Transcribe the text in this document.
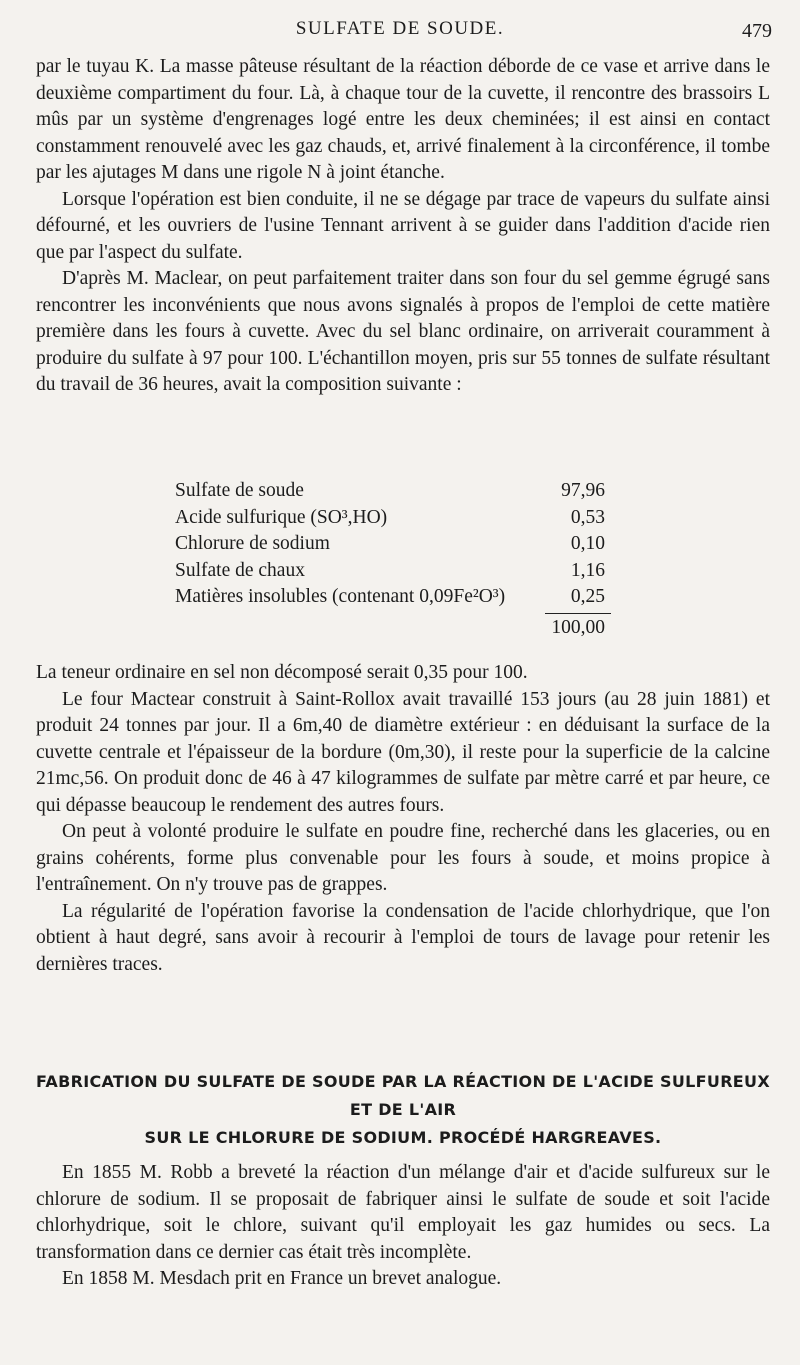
SULFATE DE SOUDE.	479

par le tuyau K. La masse pâteuse résultant de la réaction déborde de ce vase et arrive dans le deuxième compartiment du four. Là, à chaque tour de la cuvette, il rencontre des brassoirs L mûs par un système d'engrenages logé entre les deux cheminées; il est ainsi en contact constamment renouvelé avec les gaz chauds, et, arrivé finalement à la circonférence, il tombe par les ajutages M dans une rigole N à joint étanche.

Lorsque l'opération est bien conduite, il ne se dégage par trace de vapeurs du sulfate ainsi défourné, et les ouvriers de l'usine Tennant arrivent à se guider dans l'addition d'acide rien que par l'aspect du sulfate.

D'après M. Maclear, on peut parfaitement traiter dans son four du sel gemme égrugé sans rencontrer les inconvénients que nous avons signalés à propos de l'emploi de cette matière première dans les fours à cuvette. Avec du sel blanc ordinaire, on arriverait couramment à produire du sulfate à 97 pour 100. L'échantillon moyen, pris sur 55 tonnes de sulfate résultant du travail de 36 heures, avait la composition suivante :

Sulfate de soude	97,96
Acide sulfurique (SO³,HO)	0,53
Chlorure de sodium	0,10
Sulfate de chaux	1,16
Matières insolubles (contenant 0,09Fe²O³)	0,25
100,00

La teneur ordinaire en sel non décomposé serait 0,35 pour 100.

Le four Mactear construit à Saint-Rollox avait travaillé 153 jours (au 28 juin 1881) et produit 24 tonnes par jour. Il a 6m,40 de diamètre extérieur : en déduisant la surface de la cuvette centrale et l'épaisseur de la bordure (0m,30), il reste pour la superficie de la calcine 21mc,56. On produit donc de 46 à 47 kilogrammes de sulfate par mètre carré et par heure, ce qui dépasse beaucoup le rendement des autres fours.

On peut à volonté produire le sulfate en poudre fine, recherché dans les glaceries, ou en grains cohérents, forme plus convenable pour les fours à soude, et moins propice à l'entraînement. On n'y trouve pas de grappes.

La régularité de l'opération favorise la condensation de l'acide chlorhydrique, que l'on obtient à haut degré, sans avoir à recourir à l'emploi de tours de lavage pour retenir les dernières traces.

FABRICATION DU SULFATE DE SOUDE PAR LA RÉACTION DE L'ACIDE SULFUREUX ET DE L'AIR
SUR LE CHLORURE DE SODIUM. PROCÉDÉ HARGREAVES.

En 1855 M. Robb a breveté la réaction d'un mélange d'air et d'acide sulfureux sur le chlorure de sodium. Il se proposait de fabriquer ainsi le sulfate de soude et soit l'acide chlorhydrique, soit le chlore, suivant qu'il employait les gaz humides ou secs. La transformation dans ce dernier cas était très incomplète.

En 1858 M. Mesdach prit en France un brevet analogue.
